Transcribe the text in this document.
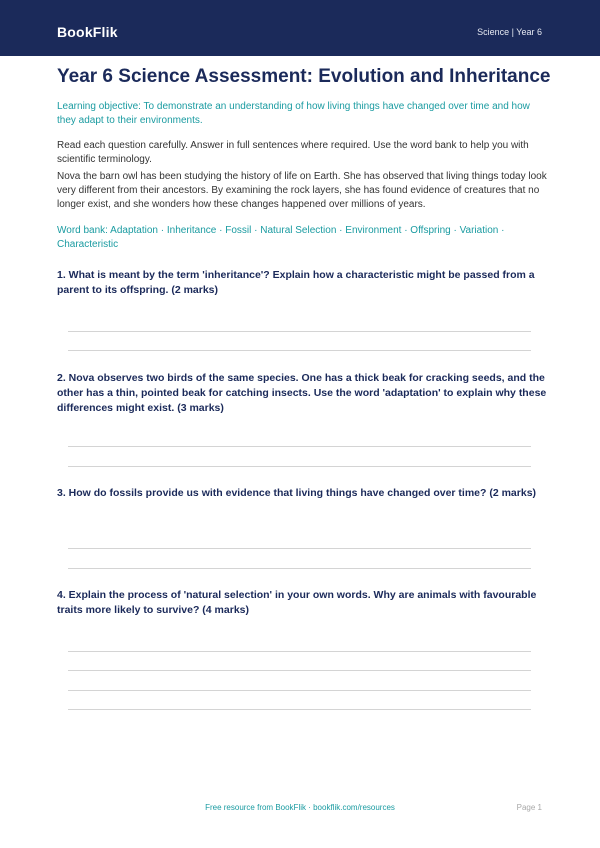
BookFlik	Science | Year 6
Year 6 Science Assessment: Evolution and Inheritance

Learning objective: To demonstrate an understanding of how living things have changed over time and how they adapt to their environments.

Read each question carefully. Answer in full sentences where required. Use the word bank to help you with scientific terminology.

Nova the barn owl has been studying the history of life on Earth. She has observed that living things today look very different from their ancestors. By examining the rock layers, she has found evidence of creatures that no longer exist, and she wonders how these changes happened over millions of years.

Word bank: Adaptation · Inheritance · Fossil · Natural Selection · Environment · Offspring · Variation · Characteristic

1. What is meant by the term 'inheritance'? Explain how a characteristic might be passed from a parent to its offspring. (2 marks)

2. Nova observes two birds of the same species. One has a thick beak for cracking seeds, and the other has a thin, pointed beak for catching insects. Use the word 'adaptation' to explain why these differences might exist. (3 marks)

3. How do fossils provide us with evidence that living things have changed over time? (2 marks)

4. Explain the process of 'natural selection' in your own words. Why are animals with favourable traits more likely to survive? (4 marks)

Free resource from BookFlik · bookflik.com/resources	Page 1
